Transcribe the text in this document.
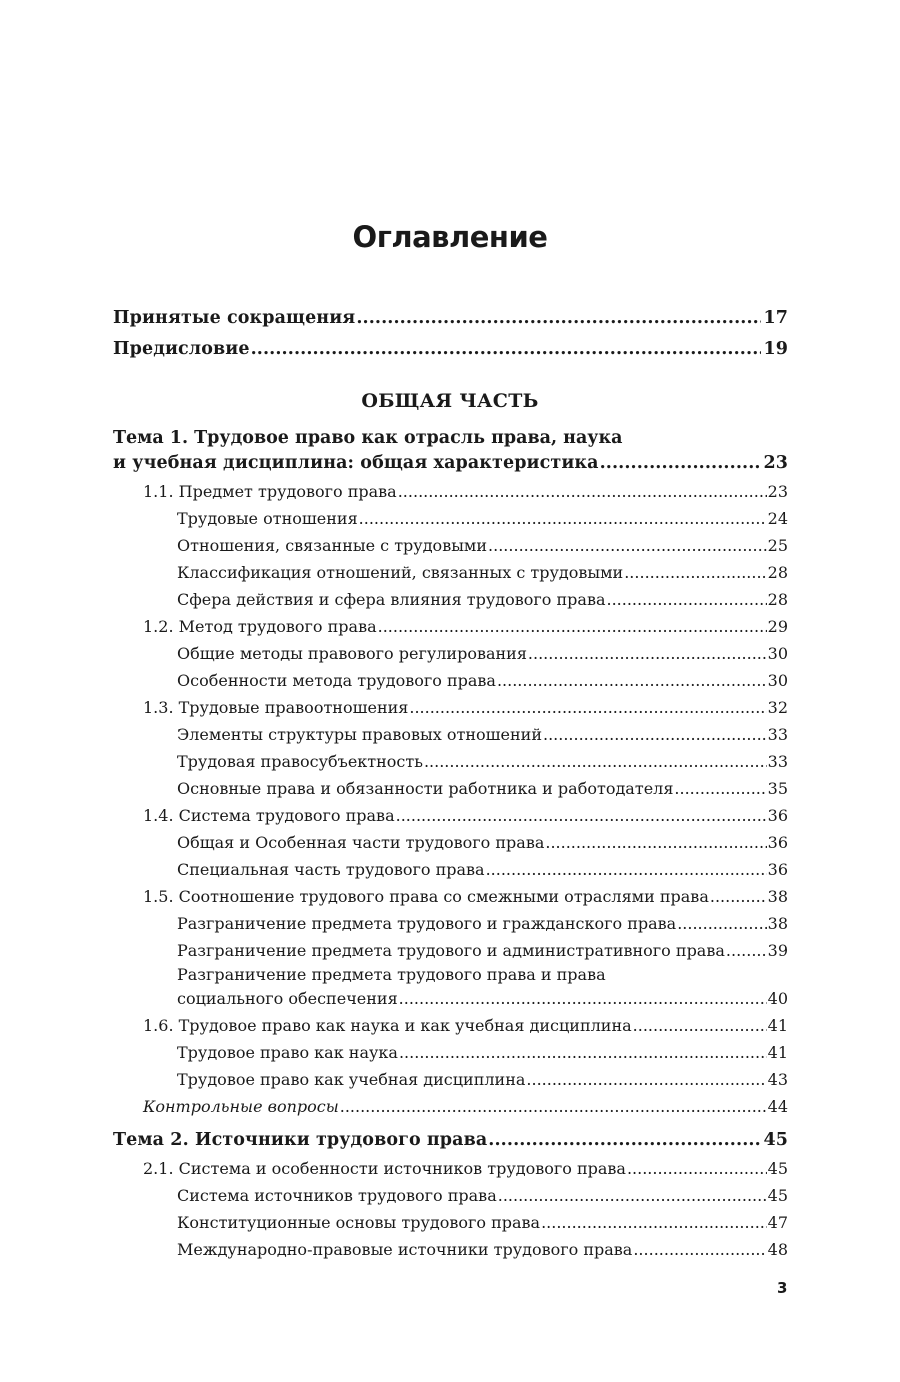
Оглавление
Принятые сокращения .....	17
Предисловие .....	19
ОБЩАЯ ЧАСТЬ
Тема 1. Трудовое право как отрасль права, наука
и учебная дисциплина: общая характеристика .....	23
1.1. Предмет трудового права .....	23
Трудовые отношения .....	24
Отношения, связанные с трудовыми .....	25
Классификация отношений, связанных с трудовыми .....	28
Сфера действия и сфера влияния трудового права .....	28
1.2. Метод трудового права .....	29
Общие методы правового регулирования .....	30
Особенности метода трудового права .....	30
1.3. Трудовые правоотношения .....	32
Элементы структуры правовых отношений .....	33
Трудовая правосубъектность .....	33
Основные права и обязанности работника и работодателя .....	35
1.4. Система трудового права .....	36
Общая и Особенная части трудового права .....	36
Специальная часть трудового права .....	36
1.5. Соотношение трудового права со смежными отраслями права .....	38
Разграничение предмета трудового и гражданского права .....	38
Разграничение предмета трудового и административного права .....	39
Разграничение предмета трудового права и права
социального обеспечения .....	40
1.6. Трудовое право как наука и как учебная дисциплина .....	41
Трудовое право как наука .....	41
Трудовое право как учебная дисциплина .....	43
Контрольные вопросы .....	44
Тема 2. Источники трудового права .....	45
2.1. Система и особенности источников трудового права .....	45
Система источников трудового права .....	45
Конституционные основы трудового права .....	47
Международно-правовые источники трудового права .....	48
3
